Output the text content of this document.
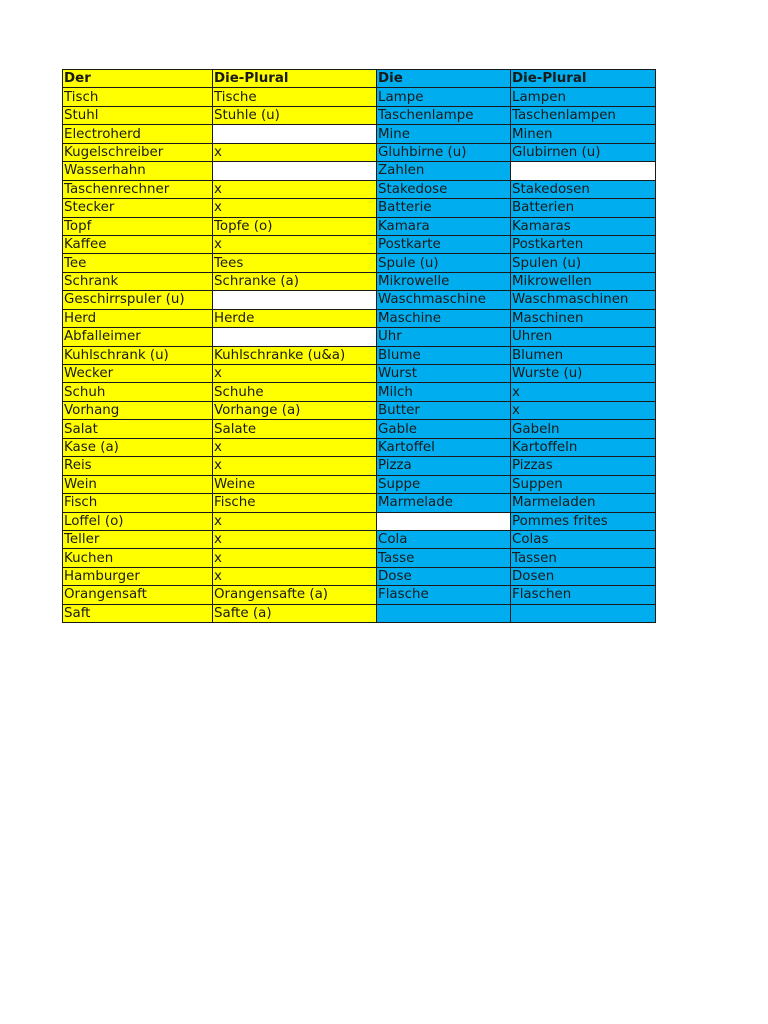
Der	Die-Plural	Die	Die-Plural
Tisch	Tische	Lampe	Lampen
Stuhl	Stuhle (u)	Taschenlampe	Taschenlampen
Electroherd		Mine	Minen
Kugelschreiber	x	Gluhbirne (u)	Glubirnen (u)
Wasserhahn		Zahlen	
Taschenrechner	x	Stakedose	Stakedosen
Stecker	x	Batterie	Batterien
Topf	Topfe (o)	Kamara	Kamaras
Kaffee	x	Postkarte	Postkarten
Tee	Tees	Spule (u)	Spulen (u)
Schrank	Schranke (a)	Mikrowelle	Mikrowellen
Geschirrspuler (u)		Waschmaschine	Waschmaschinen
Herd	Herde	Maschine	Maschinen
Abfalleimer		Uhr	Uhren
Kuhlschrank (u)	Kuhlschranke (u&a)	Blume	Blumen
Wecker	x	Wurst	Wurste (u)
Schuh	Schuhe	Milch	x
Vorhang	Vorhange (a)	Butter	x
Salat	Salate	Gable	Gabeln
Kase (a)	x	Kartoffel	Kartoffeln
Reis	x	Pizza	Pizzas
Wein	Weine	Suppe	Suppen
Fisch	Fische	Marmelade	Marmeladen
Loffel (o)	x		Pommes frites
Teller	x	Cola	Colas
Kuchen	x	Tasse	Tassen
Hamburger	x	Dose	Dosen
Orangensaft	Orangensafte (a)	Flasche	Flaschen
Saft	Safte (a)		
